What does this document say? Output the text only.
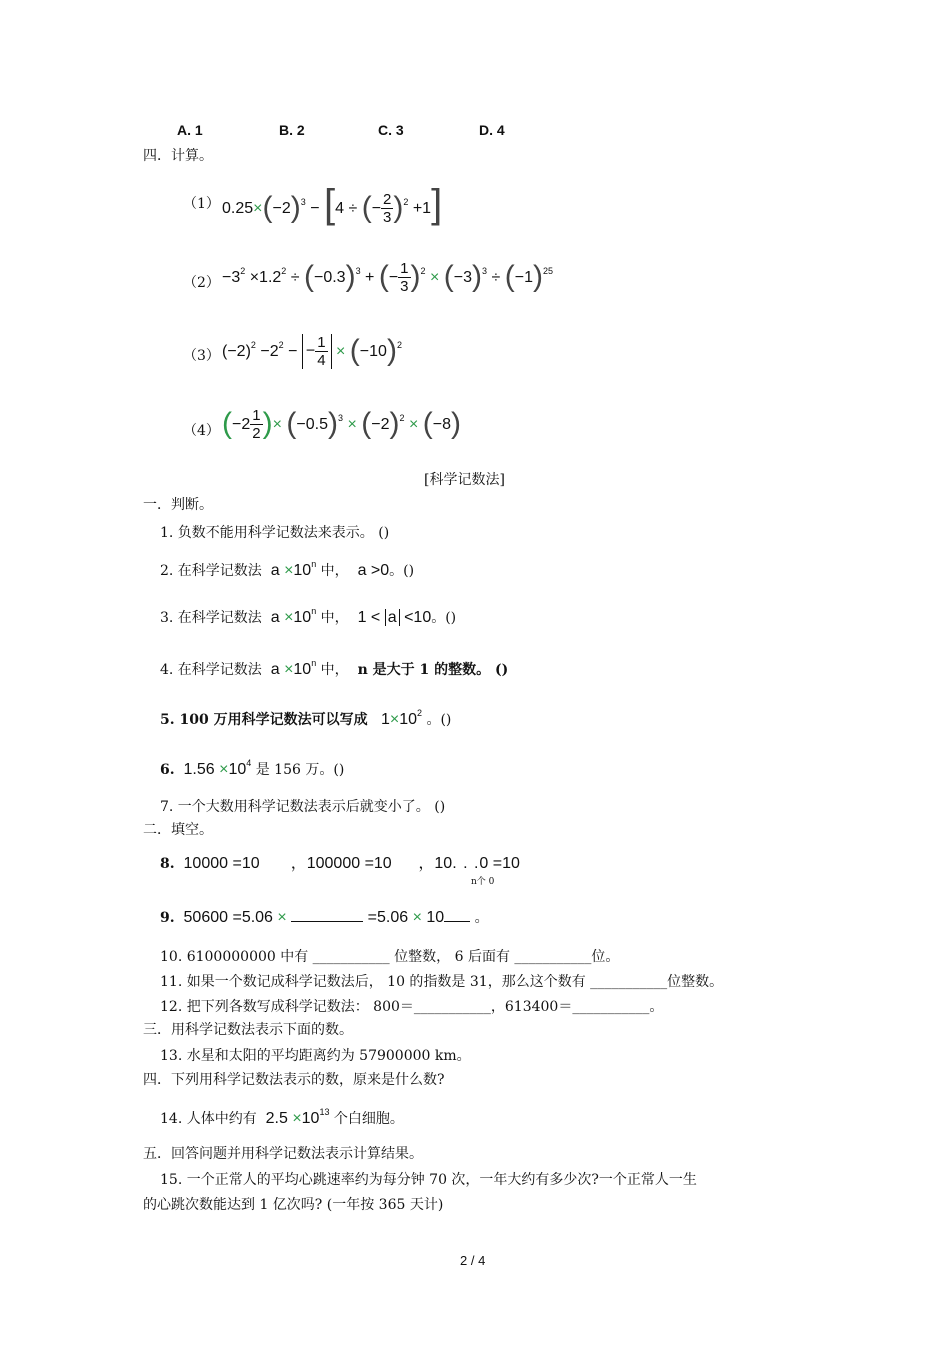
A. 1	B. 2	C. 3	D. 4
四．计算。
（1） $0.25\times(-2)^3 - [4$ ÷ (− $\frac{2}{3} )^2 +1$]
$(2) -3^2 \times 1.2^2 \div (-0.3)^3$ + (− $\frac{1}{3} )^2 \times (-3)^3 \div (-1)^{25}$
（3） $(-2)^2 -2^2$ − − $\frac{1}{4} \times (-10)^2$
（4） ($-2 \frac{1}{2}$ )× $(-0.5)^3 \times (-2)^2 \times (-8)$
[科学记数法]
一．判断。
1. 负数不能用科学记数法来表示。 ()
2. 在科学记数法 $a \times 10^n$ 中， a >0。()
3. 在科学记数法 $a \times 10^n$ 中， 1 < a <10。()
4. 在科学记数法 $a \times 10^n$ 中， n 是大于 1 的整数。 ()
5. 100 万用科学记数法可以写成 $1\times 10^2$ 。()
6. $1.56 \times 10^4$ 是 156 万。()
7. 一个大数用科学记数法表示后就变小了。 ()
二．填空。
8. 10000 =10       ，100000 =10      ，10. . .0 =10
n个 0
9. 50600 =5.06 ×	=5.06 × 10 。
10. 6100000000 中有 ___________ 位整数， 6 后面有 ___________位。
11. 如果一个数记成科学记数法后， 10 的指数是 31，那么这个数有 ___________位整数。
12. 把下列各数写成科学记数法： 800＝___________，613400＝___________。
三．用科学记数法表示下面的数。
13. 水星和太阳的平均距离约为 57900000 km。
四．下列用科学记数法表示的数，原来是什么数?
14. 人体中约有 $2.5 \times 10^{13}$ 个白细胞。
五．回答问题并用科学记数法表示计算结果。
15. 一个正常人的平均心跳速率约为每分钟 70 次，一年大约有多少次?一个正常人一生
的心跳次数能达到 1 亿次吗? (一年按 365 天计)
2 / 4
